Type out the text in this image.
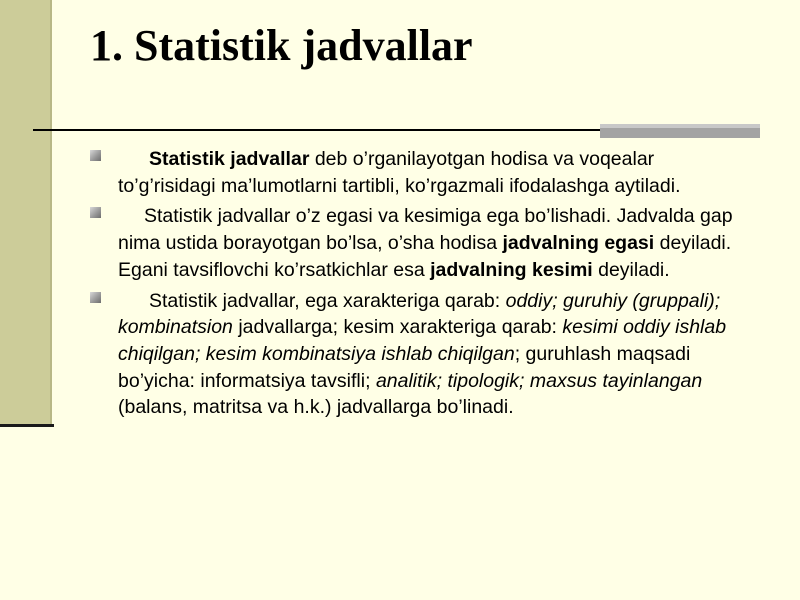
1. Statistik jadvallar
Statistik jadvallar deb o’rganilayotgan hodisa va voqealar to’g’risidagi ma’lumotlarni tartibli, ko’rgazmali ifodalashga aytiladi.
Statistik jadvallar o’z egasi va kesimiga ega bo’lishadi. Jadvalda gap nima ustida borayotgan bo’lsa, o’sha hodisa jadvalning egasi deyiladi. Egani tavsiflovchi ko’rsatkichlar esa jadvalning kesimi deyiladi.
Statistik jadvallar, ega xarakteriga qarab: oddiy; guruhiy (gruppali); kombinatsion jadvallarga; kesim xarakteriga qarab: kesimi oddiy ishlab chiqilgan; kesim kombinatsiya ishlab chiqilgan; guruhlash maqsadi bo’yicha: informatsiya tavsifli; analitik; tipologik; maxsus tayinlangan (balans, matritsa va h.k.) jadvallarga bo’linadi.
